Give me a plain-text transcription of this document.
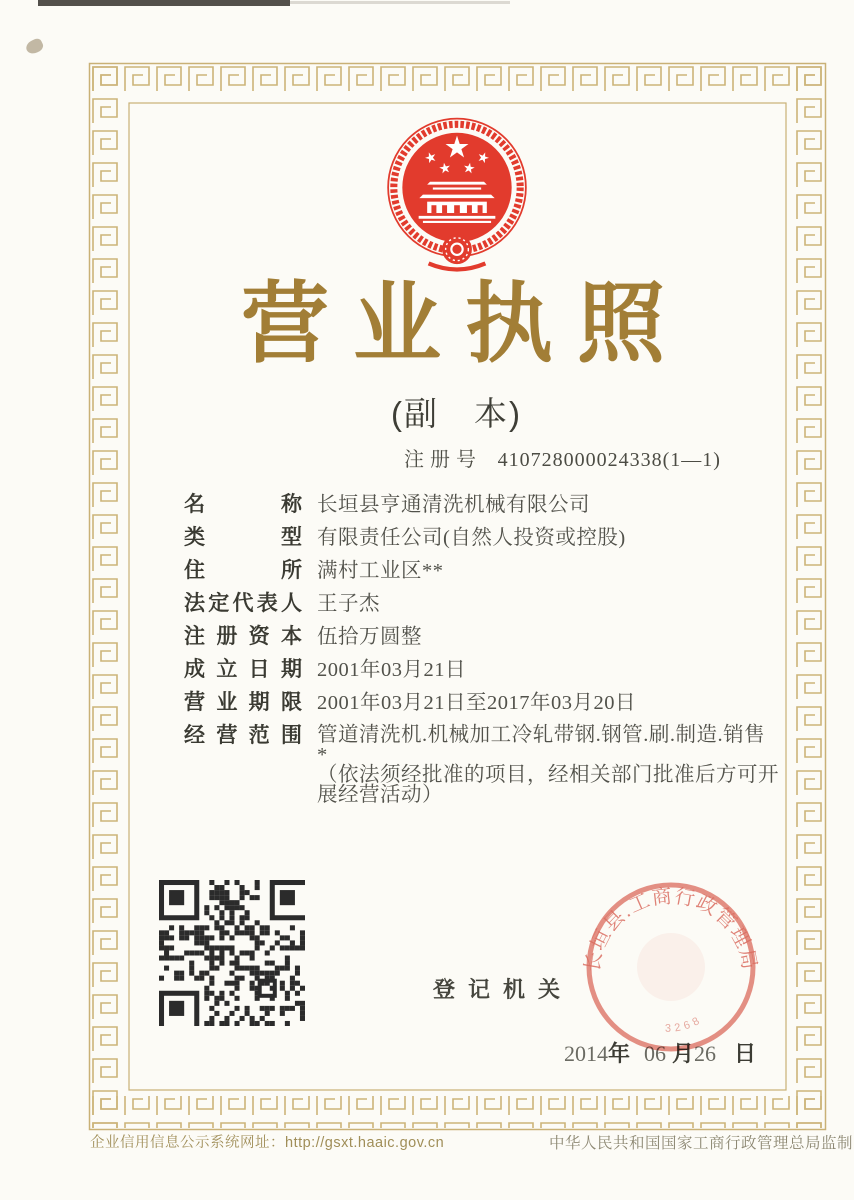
营业执照
(副　本)
注册号 410728000024338(1—1)
名称 长垣县亨通清洗机械有限公司
类型 有限责任公司(自然人投资或控股)
住所 满村工业区**
法定代表人 王子杰
注册资本 伍拾万圆整
成立日期 2001年03月21日
营业期限 2001年03月21日至2017年03月20日
经营范围 管道清洗机.机械加工冷轧带钢.钢管.刷.制造.销售
*
（依法须经批准的项目，经相关部门批准后方可开
展经营活动）
登记机关
2014年 06 月26 日
长垣县.工商行政管理局
3268
企业信用信息公示系统网址：http://gsxt.haaic.gov.cn	中华人民共和国国家工商行政管理总局监制
